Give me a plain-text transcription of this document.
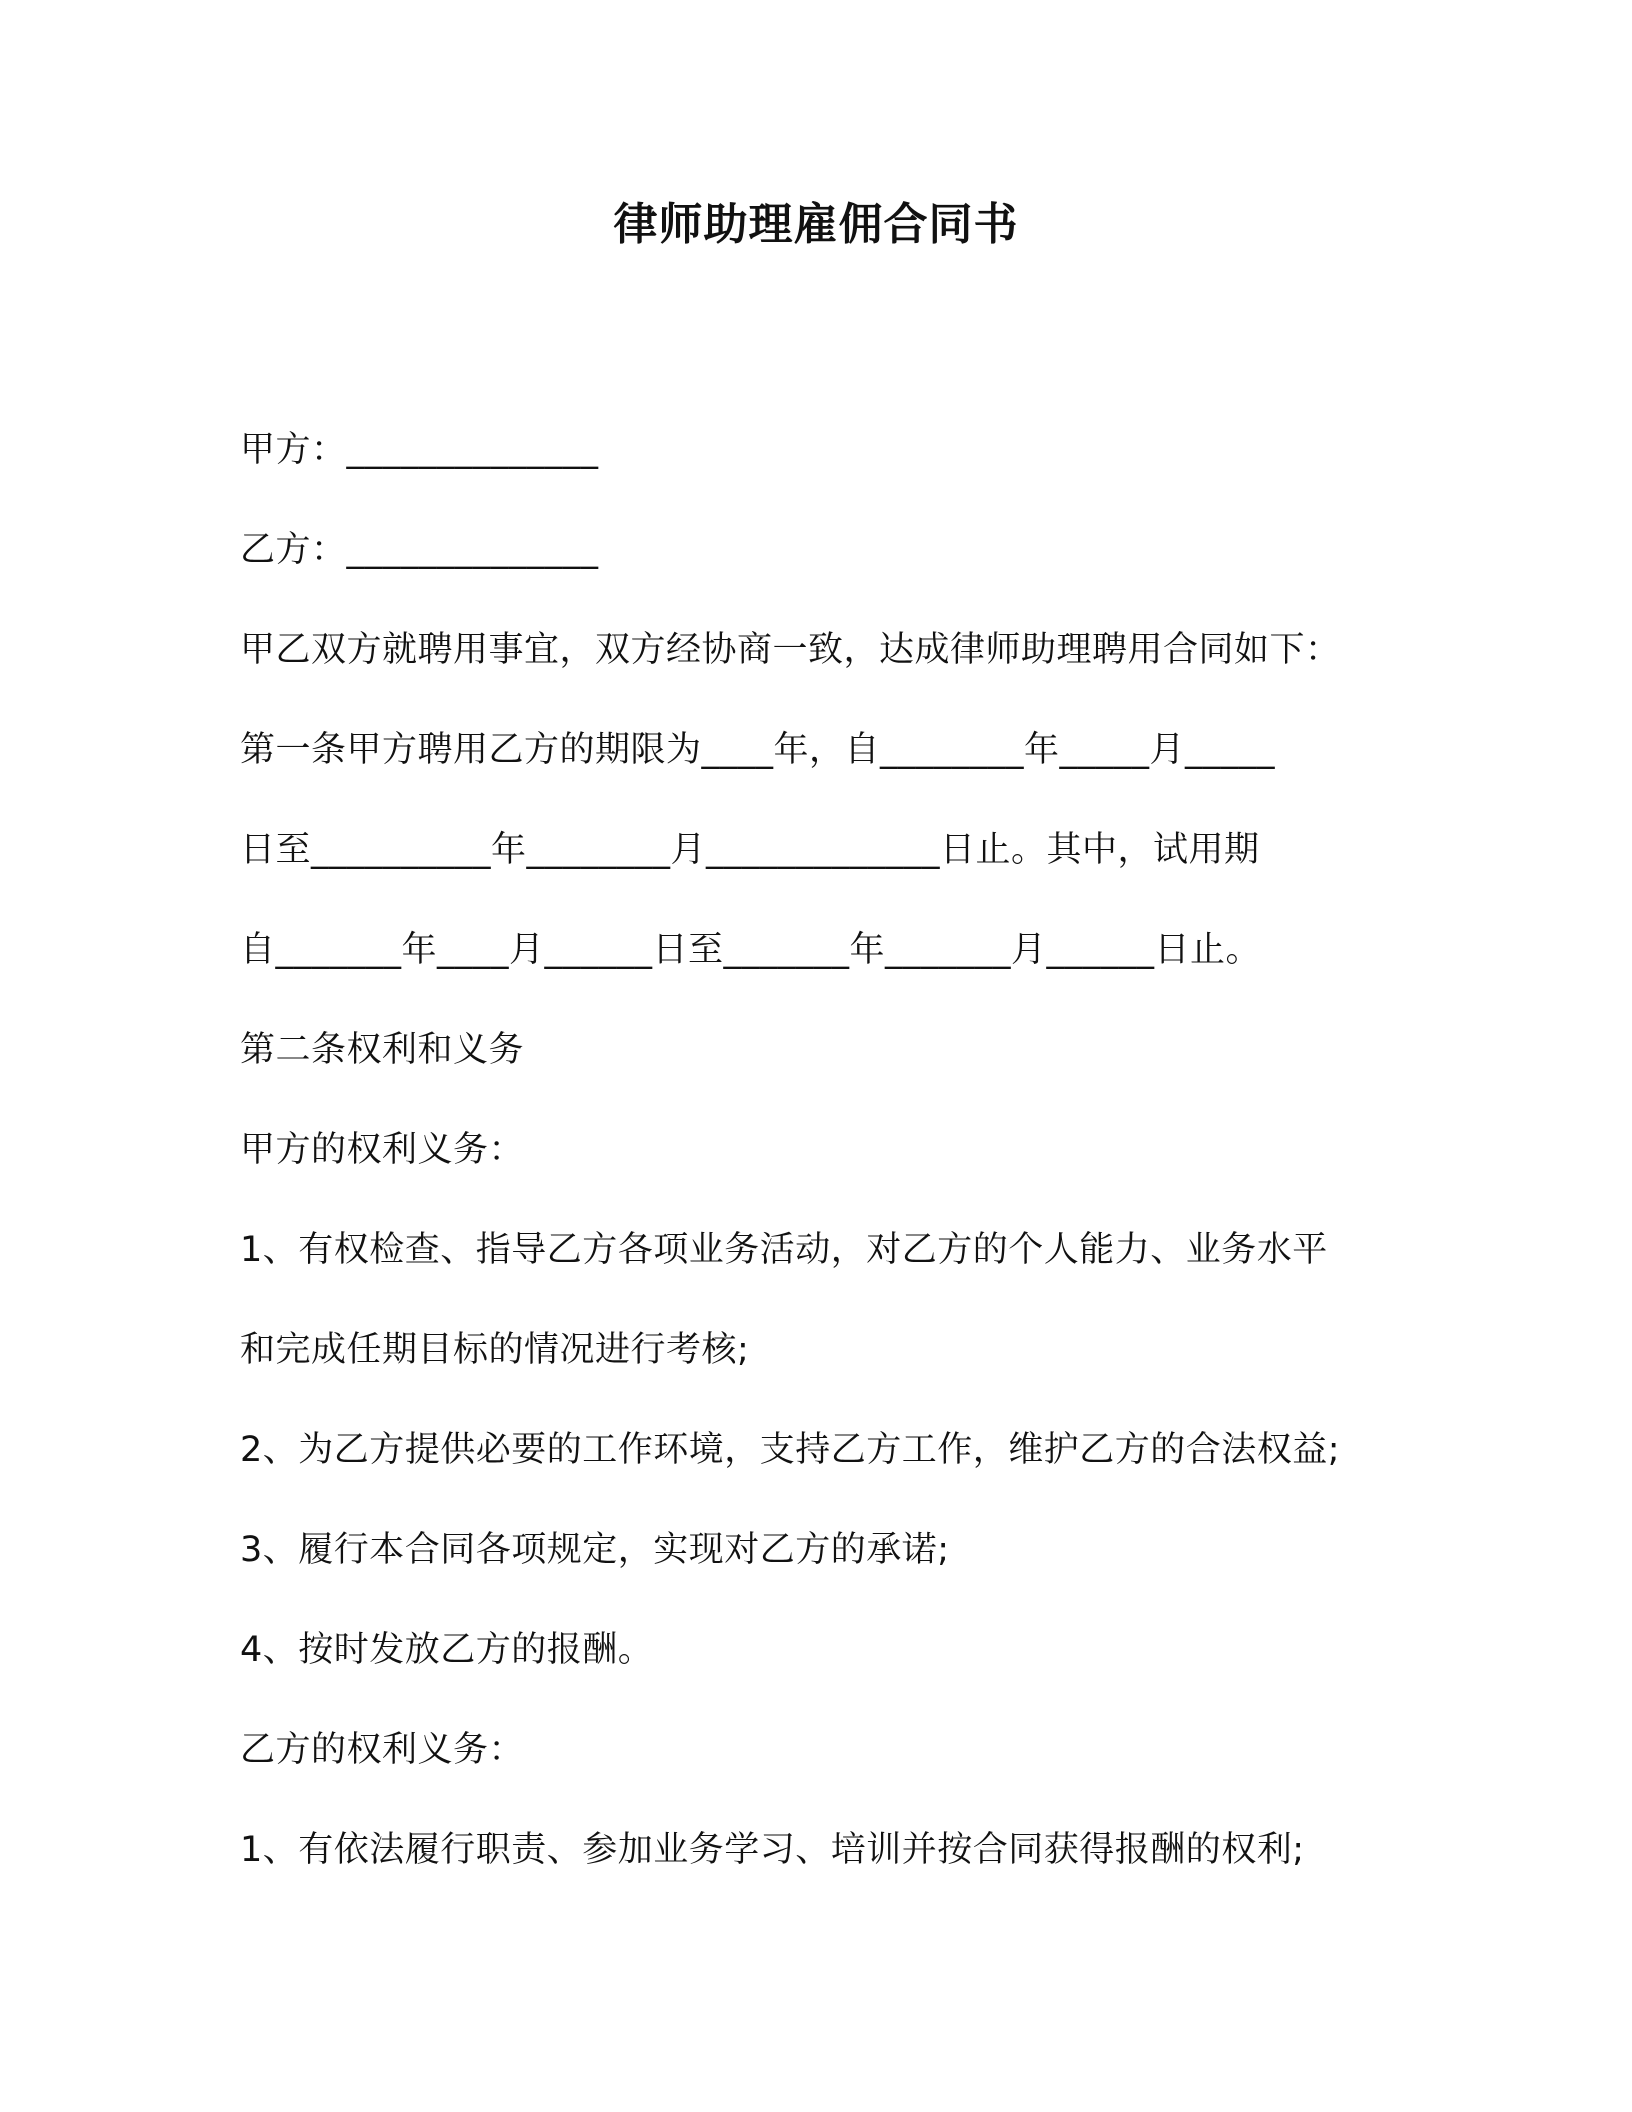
律师助理雇佣合同书
甲方：______________
乙方：______________
甲乙双方就聘用事宜，双方经协商一致，达成律师助理聘用合同如下：
第一条甲方聘用乙方的期限为____年，自________年_____月_____
日至__________年________月_____________日止。其中，试用期
自_______年____月______日至_______年_______月______日止。
第二条权利和义务
甲方的权利义务：
1、有权检查、指导乙方各项业务活动，对乙方的个人能力、业务水平
和完成任期目标的情况进行考核;
2、为乙方提供必要的工作环境，支持乙方工作，维护乙方的合法权益;
3、履行本合同各项规定，实现对乙方的承诺;
4、按时发放乙方的报酬。
乙方的权利义务：
1、有依法履行职责、参加业务学习、培训并按合同获得报酬的权利;
